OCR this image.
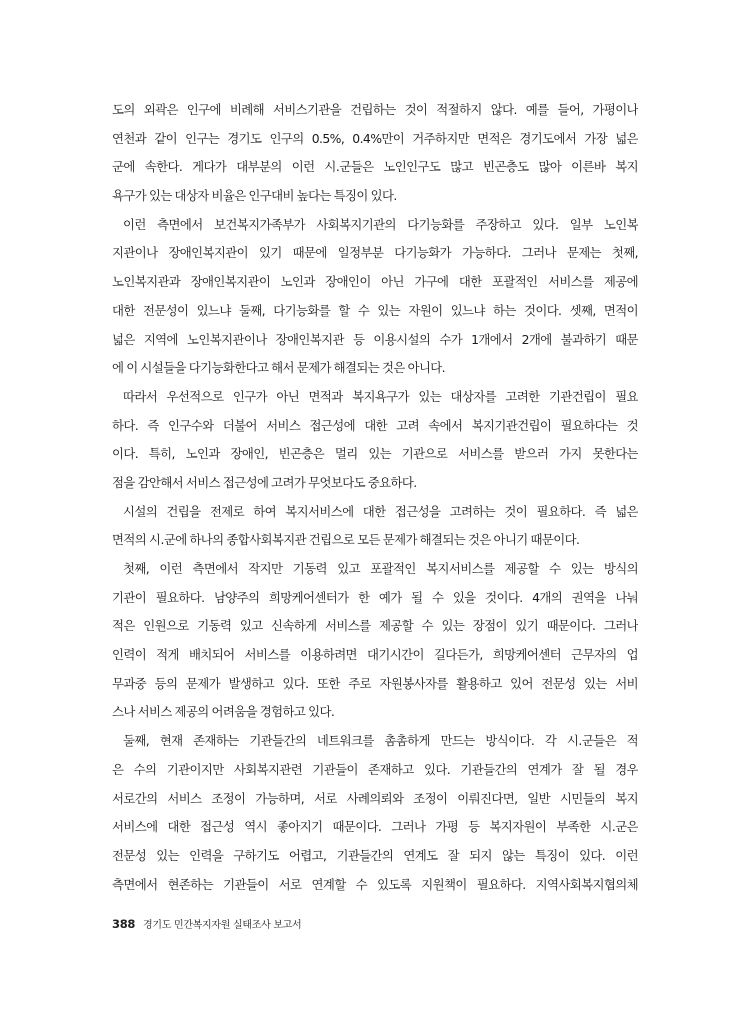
도의 외곽은 인구에 비례해 서비스기관을 건립하는 것이 적절하지 않다. 예를 들어, 가평이나
연천과 같이 인구는 경기도 인구의 0.5%, 0.4%만이 거주하지만 면적은 경기도에서 가장 넓은
군에 속한다. 게다가 대부분의 이런 시․군들은 노인인구도 많고 빈곤층도 많아 이른바 복지
욕구가 있는 대상자 비율은 인구대비 높다는 특징이 있다.
이런 측면에서 보건복지가족부가 사회복지기관의 다기능화를 주장하고 있다. 일부 노인복
지관이나 장애인복지관이 있기 때문에 일정부분 다기능화가 가능하다. 그러나 문제는 첫째,
노인복지관과 장애인복지관이 노인과 장애인이 아닌 가구에 대한 포괄적인 서비스를 제공에
대한 전문성이 있느냐 둘째, 다기능화를 할 수 있는 자원이 있느냐 하는 것이다. 셋째, 면적이
넓은 지역에 노인복지관이나 장애인복지관 등 이용시설의 수가 1개에서 2개에 불과하기 때문
에 이 시설들을 다기능화한다고 해서 문제가 해결되는 것은 아니다.
따라서 우선적으로 인구가 아닌 면적과 복지욕구가 있는 대상자를 고려한 기관건립이 필요
하다. 즉 인구수와 더불어 서비스 접근성에 대한 고려 속에서 복지기관건립이 필요하다는 것
이다. 특히, 노인과 장애인, 빈곤층은 멀리 있는 기관으로 서비스를 받으러 가지 못한다는
점을 감안해서 서비스 접근성에 고려가 무엇보다도 중요하다.
시설의 건립을 전제로 하여 복지서비스에 대한 접근성을 고려하는 것이 필요하다. 즉 넓은
면적의 시․군에 하나의 종합사회복지관 건립으로 모든 문제가 해결되는 것은 아니기 때문이다.
첫째, 이런 측면에서 작지만 기동력 있고 포괄적인 복지서비스를 제공할 수 있는 방식의
기관이 필요하다. 남양주의 희망케어센터가 한 예가 될 수 있을 것이다. 4개의 권역을 나눠
적은 인원으로 기동력 있고 신속하게 서비스를 제공할 수 있는 장점이 있기 때문이다. 그러나
인력이 적게 배치되어 서비스를 이용하려면 대기시간이 길다든가, 희망케어센터 근무자의 업
무과중 등의 문제가 발생하고 있다. 또한 주로 자원봉사자를 활용하고 있어 전문성 있는 서비
스나 서비스 제공의 어려움을 경험하고 있다.
둘째, 현재 존재하는 기관들간의 네트워크를 촘촘하게 만드는 방식이다. 각 시․군들은 적
은 수의 기관이지만 사회복지관련 기관들이 존재하고 있다. 기관들간의 연계가 잘 될 경우
서로간의 서비스 조정이 가능하며, 서로 사례의뢰와 조정이 이뤄진다면, 일반 시민들의 복지
서비스에 대한 접근성 역시 좋아지기 때문이다. 그러나 가평 등 복지자원이 부족한 시․군은
전문성 있는 인력을 구하기도 어렵고, 기관들간의 연계도 잘 되지 않는 특징이 있다. 이런
측면에서 현존하는 기관들이 서로 연계할 수 있도록 지원책이 필요하다. 지역사회복지협의체
388 경기도 민간복지자원 실태조사 보고서
